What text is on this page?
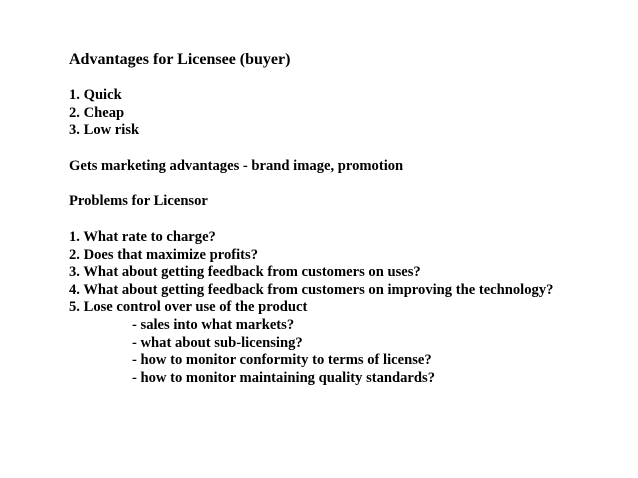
Advantages for Licensee (buyer)

1. Quick
2. Cheap
3. Low risk

Gets marketing advantages - brand image, promotion

Problems for Licensor

1. What rate to charge?
2. Does that maximize profits?
3. What about getting feedback from customers on uses?
4. What about getting feedback from customers on improving the technology?
5. Lose control over use of the product
- sales into what markets?
- what about sub-licensing?
- how to monitor conformity to terms of license?
- how to monitor maintaining quality standards?
